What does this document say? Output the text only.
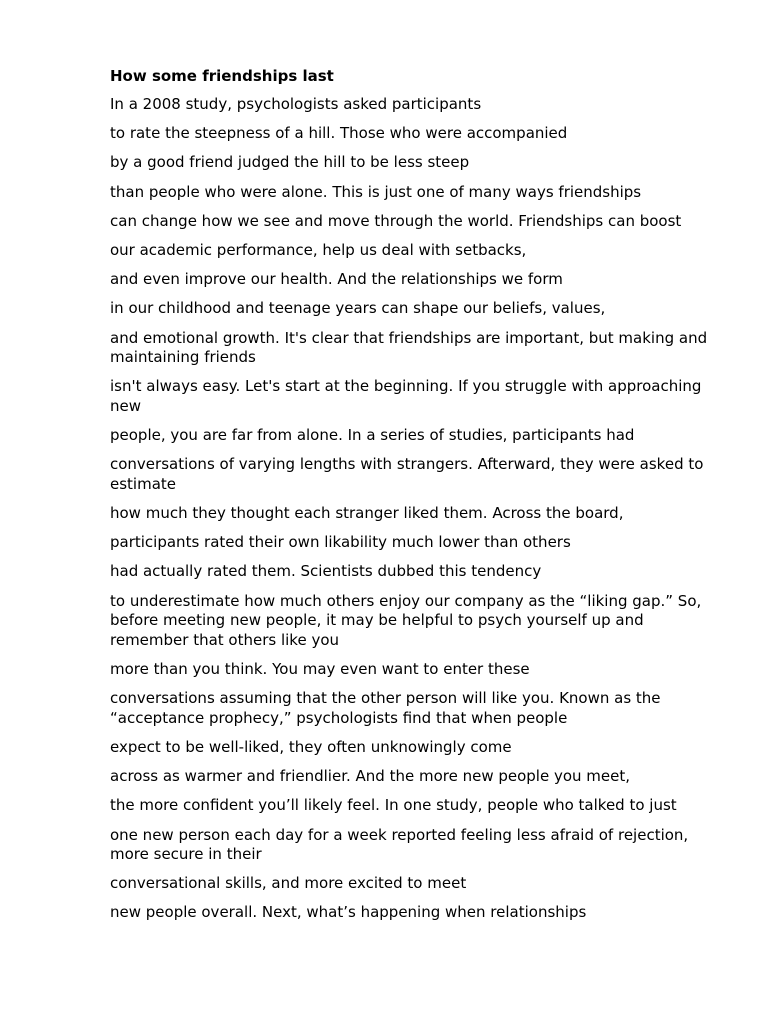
How some friendships last
In a 2008 study, psychologists asked participants
to rate the steepness of a hill. Those who were accompanied
by a good friend judged the hill to be less steep
than people who were alone. This is just one of many ways friendships
can change how we see and move through the world. Friendships can boost
our academic performance, help us deal with setbacks,
and even improve our health. And the relationships we form
in our childhood and teenage years can shape our beliefs, values,
and emotional growth. It's clear that friendships are important, but making and maintaining friends
isn't always easy. Let's start at the beginning. If you struggle with approaching new
people, you are far from alone. In a series of studies, participants had
conversations of varying lengths with strangers. Afterward, they were asked to estimate
how much they thought each stranger liked them. Across the board,
participants rated their own likability much lower than others
had actually rated them. Scientists dubbed this tendency
to underestimate how much others enjoy our company as the “liking gap.” So, before meeting new people, it may be helpful to psych yourself up and remember that others like you
more than you think. You may even want to enter these
conversations assuming that the other person will like you. Known as the “acceptance prophecy,” psychologists find that when people
expect to be well-liked, they often unknowingly come
across as warmer and friendlier. And the more new people you meet,
the more confident you’ll likely feel. In one study, people who talked to just
one new person each day for a week reported feeling less afraid of rejection, more secure in their
conversational skills, and more excited to meet
new people overall. Next, what’s happening when relationships
